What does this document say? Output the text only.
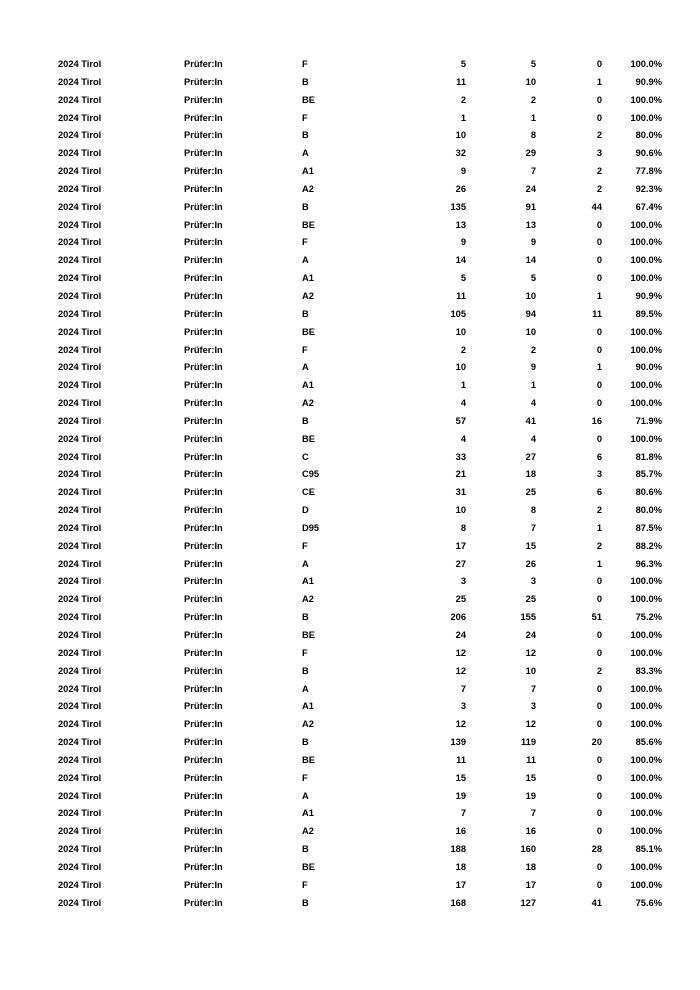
2024 Tirol	Prüfer:In	F	5	5	0	100.0%
2024 Tirol	Prüfer:In	B	11	10	1	90.9%
2024 Tirol	Prüfer:In	BE	2	2	0	100.0%
2024 Tirol	Prüfer:In	F	1	1	0	100.0%
2024 Tirol	Prüfer:In	B	10	8	2	80.0%
2024 Tirol	Prüfer:In	A	32	29	3	90.6%
2024 Tirol	Prüfer:In	A1	9	7	2	77.8%
2024 Tirol	Prüfer:In	A2	26	24	2	92.3%
2024 Tirol	Prüfer:In	B	135	91	44	67.4%
2024 Tirol	Prüfer:In	BE	13	13	0	100.0%
2024 Tirol	Prüfer:In	F	9	9	0	100.0%
2024 Tirol	Prüfer:In	A	14	14	0	100.0%
2024 Tirol	Prüfer:In	A1	5	5	0	100.0%
2024 Tirol	Prüfer:In	A2	11	10	1	90.9%
2024 Tirol	Prüfer:In	B	105	94	11	89.5%
2024 Tirol	Prüfer:In	BE	10	10	0	100.0%
2024 Tirol	Prüfer:In	F	2	2	0	100.0%
2024 Tirol	Prüfer:In	A	10	9	1	90.0%
2024 Tirol	Prüfer:In	A1	1	1	0	100.0%
2024 Tirol	Prüfer:In	A2	4	4	0	100.0%
2024 Tirol	Prüfer:In	B	57	41	16	71.9%
2024 Tirol	Prüfer:In	BE	4	4	0	100.0%
2024 Tirol	Prüfer:In	C	33	27	6	81.8%
2024 Tirol	Prüfer:In	C95	21	18	3	85.7%
2024 Tirol	Prüfer:In	CE	31	25	6	80.6%
2024 Tirol	Prüfer:In	D	10	8	2	80.0%
2024 Tirol	Prüfer:In	D95	8	7	1	87.5%
2024 Tirol	Prüfer:In	F	17	15	2	88.2%
2024 Tirol	Prüfer:In	A	27	26	1	96.3%
2024 Tirol	Prüfer:In	A1	3	3	0	100.0%
2024 Tirol	Prüfer:In	A2	25	25	0	100.0%
2024 Tirol	Prüfer:In	B	206	155	51	75.2%
2024 Tirol	Prüfer:In	BE	24	24	0	100.0%
2024 Tirol	Prüfer:In	F	12	12	0	100.0%
2024 Tirol	Prüfer:In	B	12	10	2	83.3%
2024 Tirol	Prüfer:In	A	7	7	0	100.0%
2024 Tirol	Prüfer:In	A1	3	3	0	100.0%
2024 Tirol	Prüfer:In	A2	12	12	0	100.0%
2024 Tirol	Prüfer:In	B	139	119	20	85.6%
2024 Tirol	Prüfer:In	BE	11	11	0	100.0%
2024 Tirol	Prüfer:In	F	15	15	0	100.0%
2024 Tirol	Prüfer:In	A	19	19	0	100.0%
2024 Tirol	Prüfer:In	A1	7	7	0	100.0%
2024 Tirol	Prüfer:In	A2	16	16	0	100.0%
2024 Tirol	Prüfer:In	B	188	160	28	85.1%
2024 Tirol	Prüfer:In	BE	18	18	0	100.0%
2024 Tirol	Prüfer:In	F	17	17	0	100.0%
2024 Tirol	Prüfer:In	B	168	127	41	75.6%
